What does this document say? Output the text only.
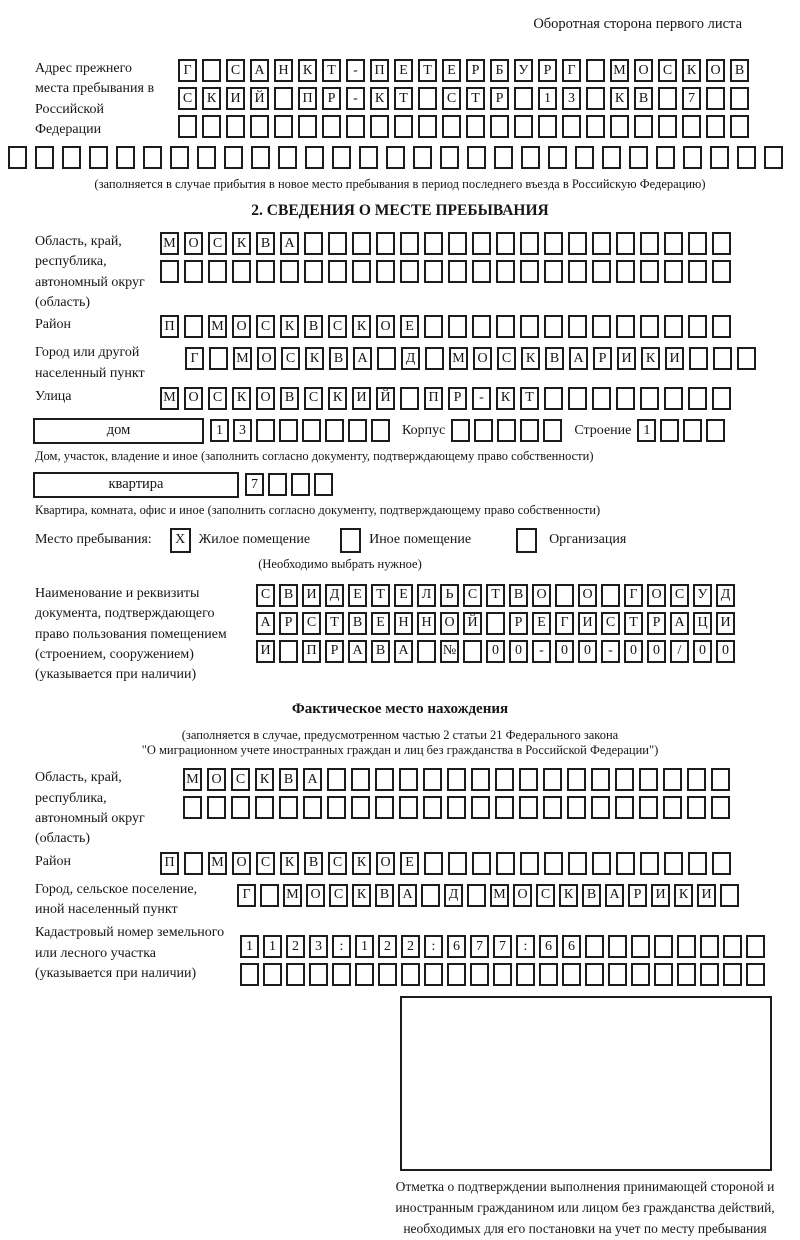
Оборотная сторона первого листа
Адрес прежнего места пребывания в Российской Федерации
Г	С	А Н	К	Т	-	П	Е	Т	Е	Р	Б	У	Р	Г	М О	С	К	О	В
С	К	И Й	П	Р	-	К	Т	С	Т	Р	1	3	К	В	7
(заполняется в случае прибытия в новое место пребывания в период последнего въезда в Российскую Федерацию)
2. СВЕДЕНИЯ О МЕСТЕ ПРЕБЫВАНИЯ
Область, край, республика, автономный округ (область)
М О	С	К	В	А
Район	П	М О	С	К	В	С	К	О	Е
Город или другой населенный пункт
Г	М О	С	К	В	А	Д	М О	С	К	В	А	Р	И	К	И
Улица	М О	С	К	О	В	С	К	И Й	П	Р	-	К	Т
дом	1	3	Корпус	Строение 1
Дом, участок, владение и иное (заполнить согласно документу, подтверждающему право собственности)
квартира	7
Квартира, комната, офис и иное (заполнить согласно документу, подтверждающему право собственности)
Место пребывания:	X Жилое помещение	Иное помещение	Организация
(Необходимо выбрать нужное)
Наименование и реквизиты документа, подтверждающего право пользования помещением (строением, сооружением) (указывается при наличии)
С В И Д Е	Т	Е Л	Ь	С	Т	В О	О	Г О С У Д
А	Р	С	Т	В	Е Н Н О Й	Р	Е	Г И С	Т	Р	А Ц И
И	П	Р	А В А	№	0	0	-	0	0	-	0	0	/	0	0
Фактическое место нахождения
(заполняется в случае, предусмотренном частью 2 статьи 21 Федерального закона
"О миграционном учете иностранных граждан и лиц без гражданства в Российской Федерации")
Область, край, республика, автономный округ (область)
М О	С	К	В	А
Район	П	М О	С	К	В	С	К	О	Е
Город, сельское поселение, иной населенный пункт
Г	М О С К В А	Д	М О С К В А	Р	И К И
Кадастровый номер земельного или лесного участка (указывается при наличии)
1	1	2	3	:	1	2	2	:	6	7	7	:	6	6
Отметка о подтверждении выполнения принимающей стороной и иностранным гражданином или лицом без гражданства действий, необходимых для его постановки на учет по месту пребывания
